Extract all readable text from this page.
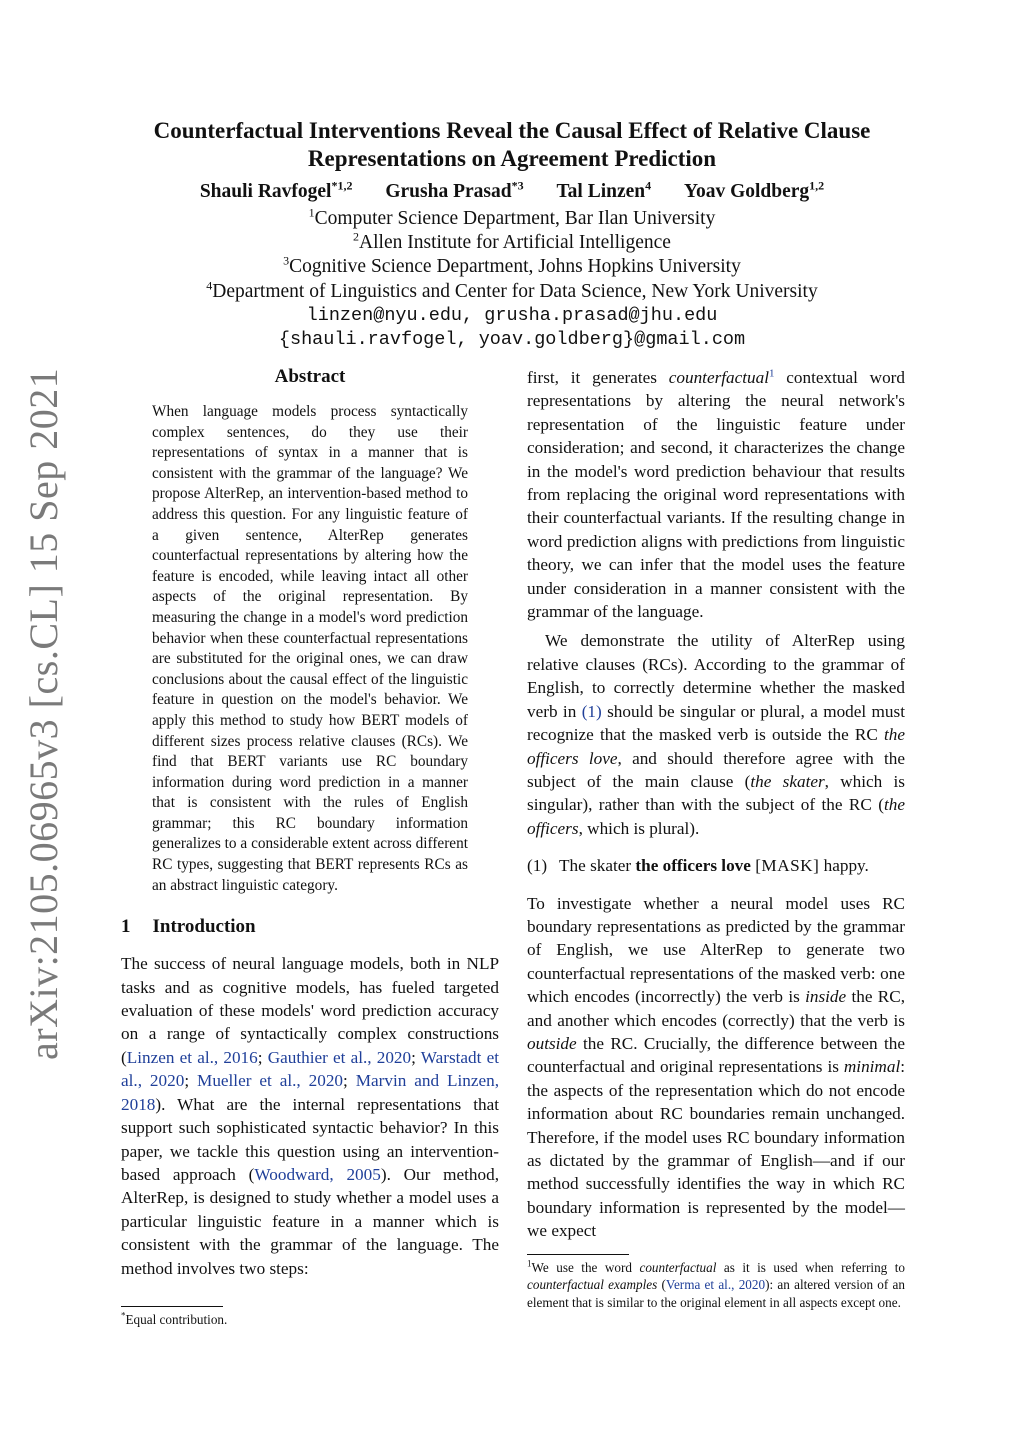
arXiv:2105.06965v3 [cs.CL] 15 Sep 2021
Counterfactual Interventions Reveal the Causal Effect of Relative Clause
Representations on Agreement Prediction
Shauli Ravfogel$^{*1,2}$ Grusha Prasad$^{*3}$ Tal Linzen$^4$ Yoav Goldberg$^{1,2}$
$^1$Computer Science Department, Bar Ilan University
$^2$Allen Institute for Artificial Intelligence
$^3$Cognitive Science Department, Johns Hopkins University
$^4$Department of Linguistics and Center for Data Science, New York University
linzen@nyu.edu, grusha.prasad@jhu.edu
{shauli.ravfogel, yoav.goldberg}@gmail.com
Abstract

When language models process syntactically complex sentences, do they use their representations of syntax in a manner that is consistent with the grammar of the language? We propose AlterRep, an intervention-based method to address this question. For any linguistic feature of a given sentence, AlterRep generates counterfactual representations by altering how the feature is encoded, while leaving intact all other aspects of the original representation. By measuring the change in a model's word prediction behavior when these counterfactual representations are substituted for the original ones, we can draw conclusions about the causal effect of the linguistic feature in question on the model's behavior. We apply this method to study how BERT models of different sizes process relative clauses (RCs). We find that BERT variants use RC boundary information during word prediction in a manner that is consistent with the rules of English grammar; this RC boundary information generalizes to a considerable extent across different RC types, suggesting that BERT represents RCs as an abstract linguistic category.

1 Introduction

The success of neural language models, both in NLP tasks and as cognitive models, has fueled targeted evaluation of these models' word prediction accuracy on a range of syntactically complex constructions (Linzen et al., 2016; Gauthier et al., 2020; Warstadt et al., 2020; Mueller et al., 2020; Marvin and Linzen, 2018). What are the internal representations that support such sophisticated syntactic behavior? In this paper, we tackle this question using an intervention-based approach (Woodward, 2005). Our method, AlterRep, is designed to study whether a model uses a particular linguistic feature in a manner which is consistent with the grammar of the language. The method involves two steps:

*Equal contribution.

first, it generates counterfactual$^1$ contextual word representations by altering the neural network's representation of the linguistic feature under consideration; and second, it characterizes the change in the model's word prediction behaviour that results from replacing the original word representations with their counterfactual variants. If the resulting change in word prediction aligns with predictions from linguistic theory, we can infer that the model uses the feature under consideration in a manner consistent with the grammar of the language.

We demonstrate the utility of AlterRep using relative clauses (RCs). According to the grammar of English, to correctly determine whether the masked verb in (1) should be singular or plural, a model must recognize that the masked verb is outside the RC the officers love, and should therefore agree with the subject of the main clause (the skater, which is singular), rather than with the subject of the RC (the officers, which is plural).

(1) The skater the officers love [MASK] happy.

To investigate whether a neural model uses RC boundary representations as predicted by the grammar of English, we use AlterRep to generate two counterfactual representations of the masked verb: one which encodes (incorrectly) the verb is inside the RC, and another which encodes (correctly) that the verb is outside the RC. Crucially, the difference between the counterfactual and original representations is minimal: the aspects of the representation which do not encode information about RC boundaries remain unchanged. Therefore, if the model uses RC boundary information as dictated by the grammar of English—and if our method successfully identifies the way in which RC boundary information is represented by the model—we expect

$^1$We use the word counterfactual as it is used when referring to counterfactual examples (Verma et al., 2020): an altered version of an element that is similar to the original element in all aspects except one.
